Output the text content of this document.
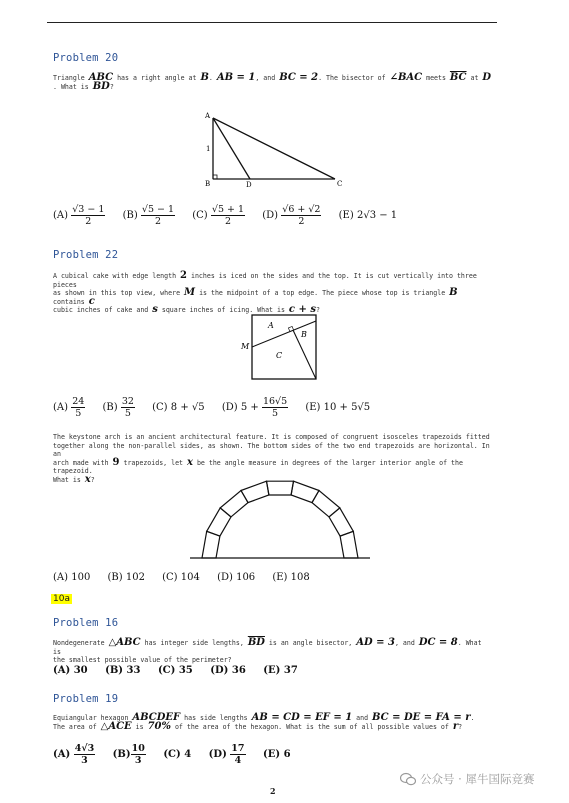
Problem 20
Triangle ABC has a right angle at B. AB = 1, and BC = 2. The bisector of ∠BAC meets $\overline{BC}$ at D
. What is BD?
A
B	C
D
1
$(A) \frac{√3 - 1}{2} (B) \frac{√5 - 1}{2} (C) \frac{√5 + 1}{2} (D) \frac{√6 + √2}{2} (E) 2√3 - 1$
Problem 22
A cubical cake with edge length 2 inches is iced on the sides and the top. It is cut vertically into three pieces
as shown in this top view, where M is the midpoint of a top edge. The piece whose top is triangle B contains c
cubic inches of cake and s square inches of icing. What is c + s?
A
B
C
M
$(A) \frac{24}{5} (B) \frac{32}{5} (C) 8 + √5$ (D) $5 + \frac{16√5}{5} (E) 10 + 5√5$
The keystone arch is an ancient architectural feature. It is composed of congruent isosceles trapezoids fitted
together along the non-parallel sides, as shown. The bottom sides of the two end trapezoids are horizontal. In an
arch made with 9 trapezoids, let x be the angle measure in degrees of the larger interior angle of the trapezoid.
What is x?
(A) 100 (B) 102 (C) 104 (D) 106 (E) 108
10a
Problem 16
Nondegenerate △ABC has integer side lengths, $\overline{BD}$ is an angle bisector, AD = 3, and DC = 8. What is
the smallest possible value of the perimeter?
(A) 30 (B) 33 (C) 35 (D) 36 (E) 37
Problem 19
Equiangular hexagon ABCDEF has side lengths AB = CD = EF = 1 and BC = DE = FA = r.
The area of △ACE is 70% of the area of the hexagon. What is the sum of all possible values of r?
$(A) \frac{4√3}{3} (B) \frac{10}{3} (C)$ 4 $(D) \frac{17}{4} (E)$ 6
公众号 · 犀牛国际竞赛
2
